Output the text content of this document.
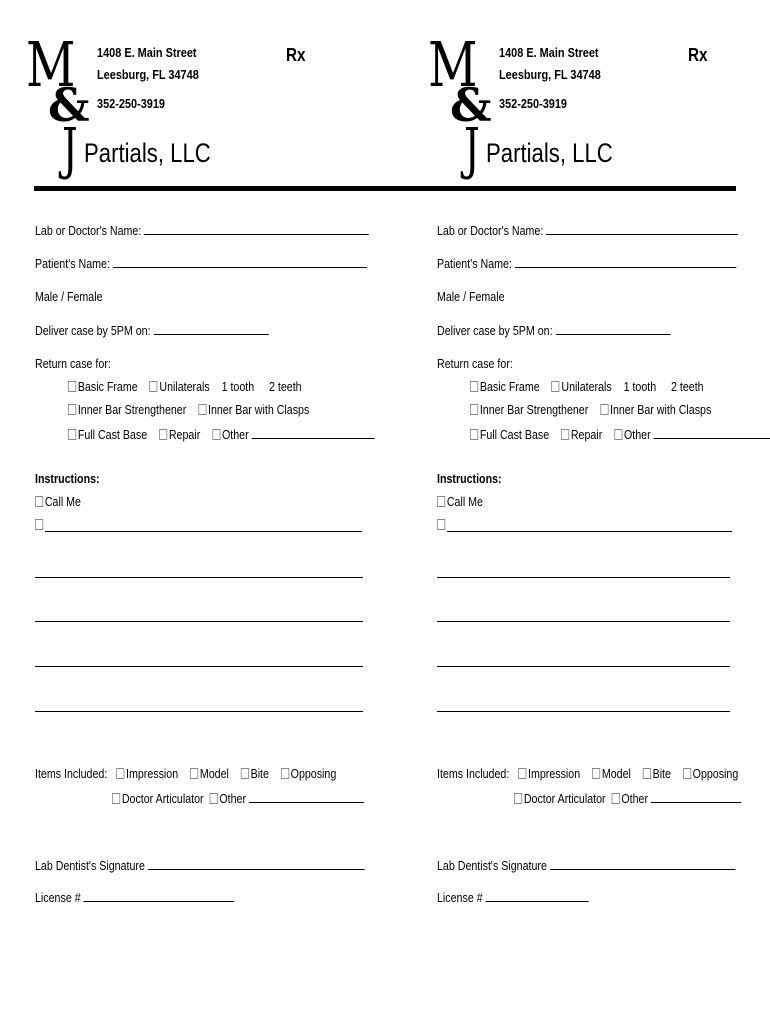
M
&
J Partials, LLC
1408 E. Main Street
Leesburg, FL 34748
352-250-3919
Rx
Lab or Doctor's Name:
Patient's Name:
Male / Female
Deliver case by 5PM on:
Return case for:
Basic Frame Unilaterals 1 tooth 2 teeth
Inner Bar Strengthener Inner Bar with Clasps
Full Cast Base Repair Other
Instructions:
Call Me
Items Included: Impression Model Bite Opposing
Doctor Articulator Other
Lab Dentist's Signature
License #
M
&
J Partials, LLC
1408 E. Main Street
Leesburg, FL 34748
352-250-3919
Rx
Lab or Doctor's Name:
Patient's Name:
Male / Female
Deliver case by 5PM on:
Return case for:
Basic Frame Unilaterals 1 tooth 2 teeth
Inner Bar Strengthener Inner Bar with Clasps
Full Cast Base Repair Other
Instructions:
Call Me
Items Included: Impression Model Bite Opposing
Doctor Articulator Other
Lab Dentist's Signature
License #
